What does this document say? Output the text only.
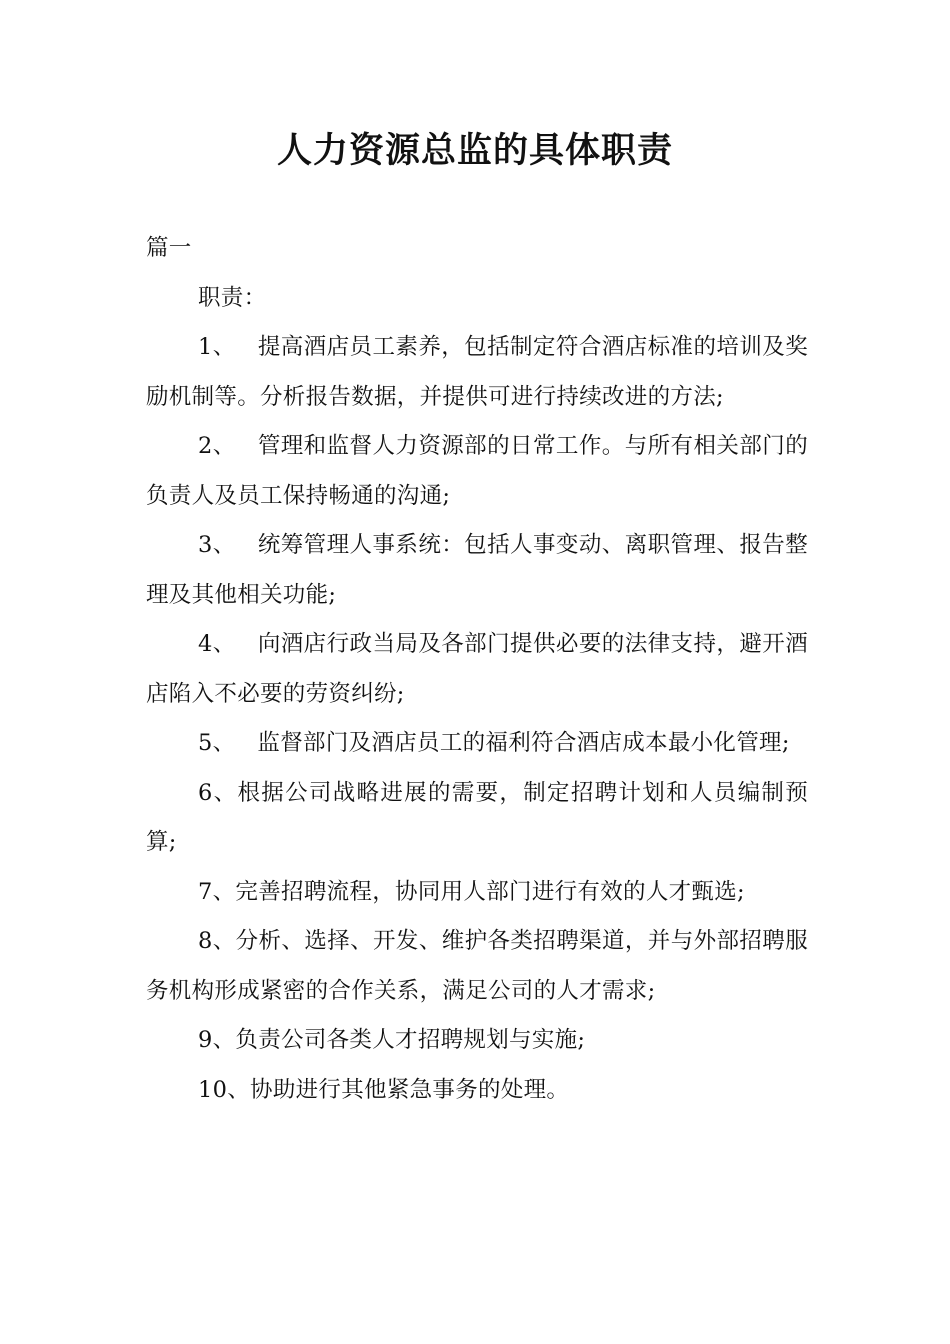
人力资源总监的具体职责

篇一

职责：

1、 提高酒店员工素养，包括制定符合酒店标准的培训及奖励机制等。分析报告数据，并提供可进行持续改进的方法;

2、 管理和监督人力资源部的日常工作。与所有相关部门的负责人及员工保持畅通的沟通;

3、 统筹管理人事系统：包括人事变动、离职管理、报告整理及其他相关功能;

4、 向酒店行政当局及各部门提供必要的法律支持，避开酒店陷入不必要的劳资纠纷;

5、 监督部门及酒店员工的福利符合酒店成本最小化管理;

6、根据公司战略进展的需要，制定招聘计划和人员编制预算;

7、完善招聘流程，协同用人部门进行有效的人才甄选;

8、分析、选择、开发、维护各类招聘渠道，并与外部招聘服务机构形成紧密的合作关系，满足公司的人才需求;

9、负责公司各类人才招聘规划与实施;

10、协助进行其他紧急事务的处理。
